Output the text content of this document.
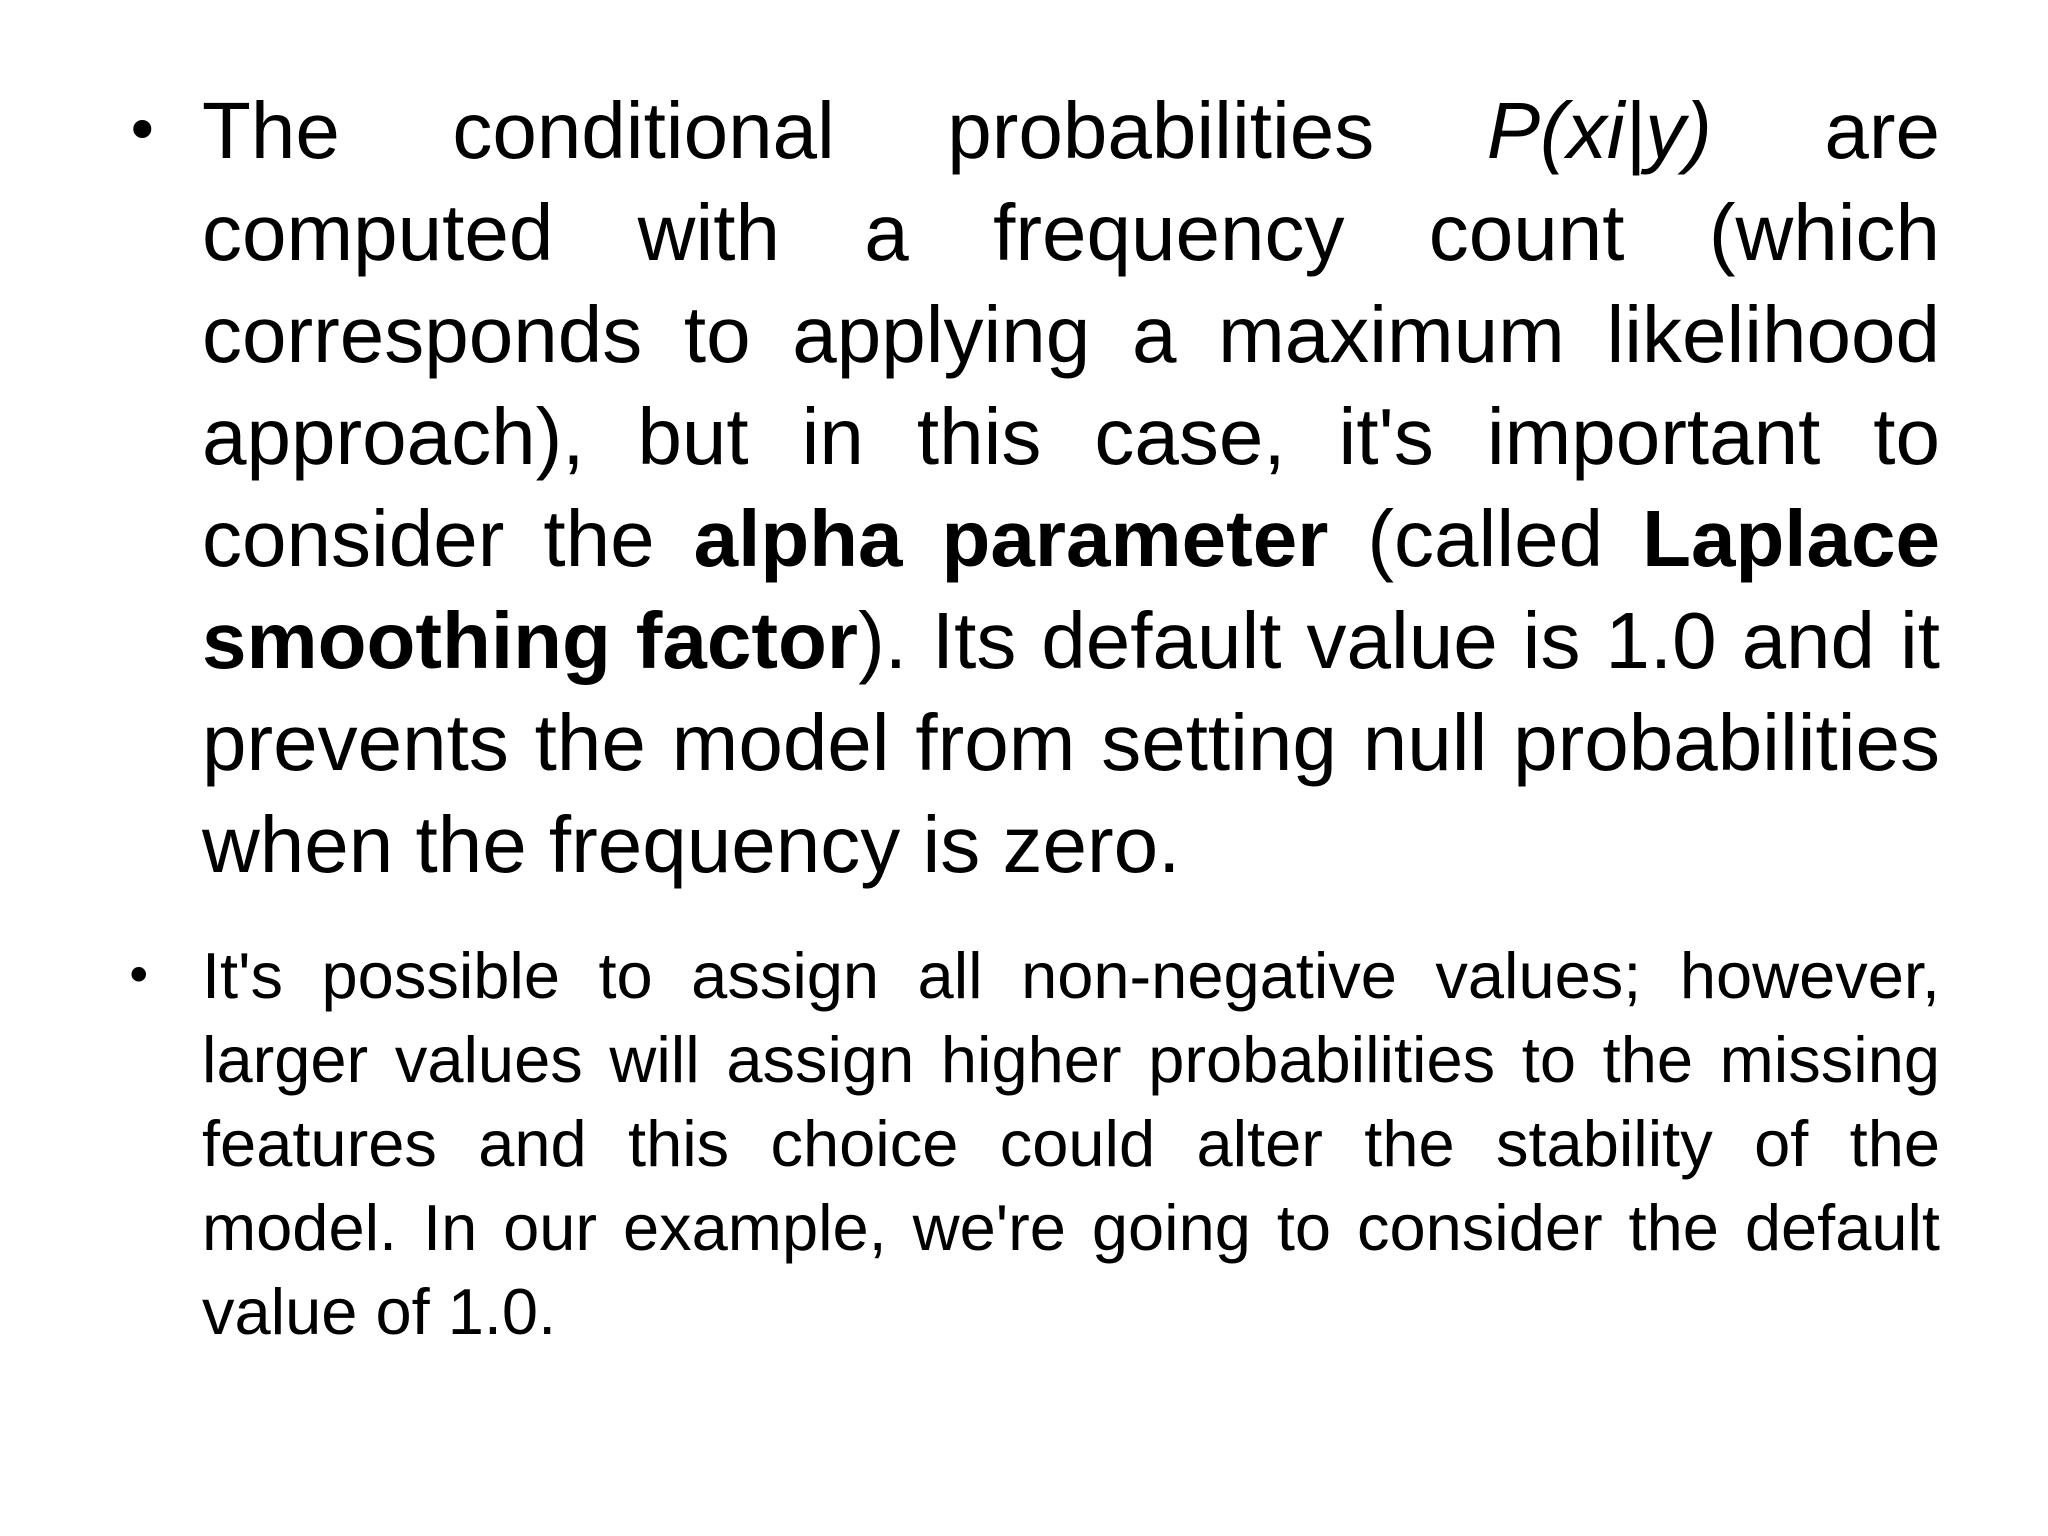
• The conditional probabilities P(xi|y) are computed with a frequency count (which corresponds to applying a maximum likelihood approach), but in this case, it's important to consider the alpha parameter (called Laplace smoothing factor). Its default value is 1.0 and it prevents the model from setting null probabilities when the frequency is zero.
• It's possible to assign all non-negative values; however, larger values will assign higher probabilities to the missing features and this choice could alter the stability of the model. In our example, we're going to consider the default value of 1.0.
